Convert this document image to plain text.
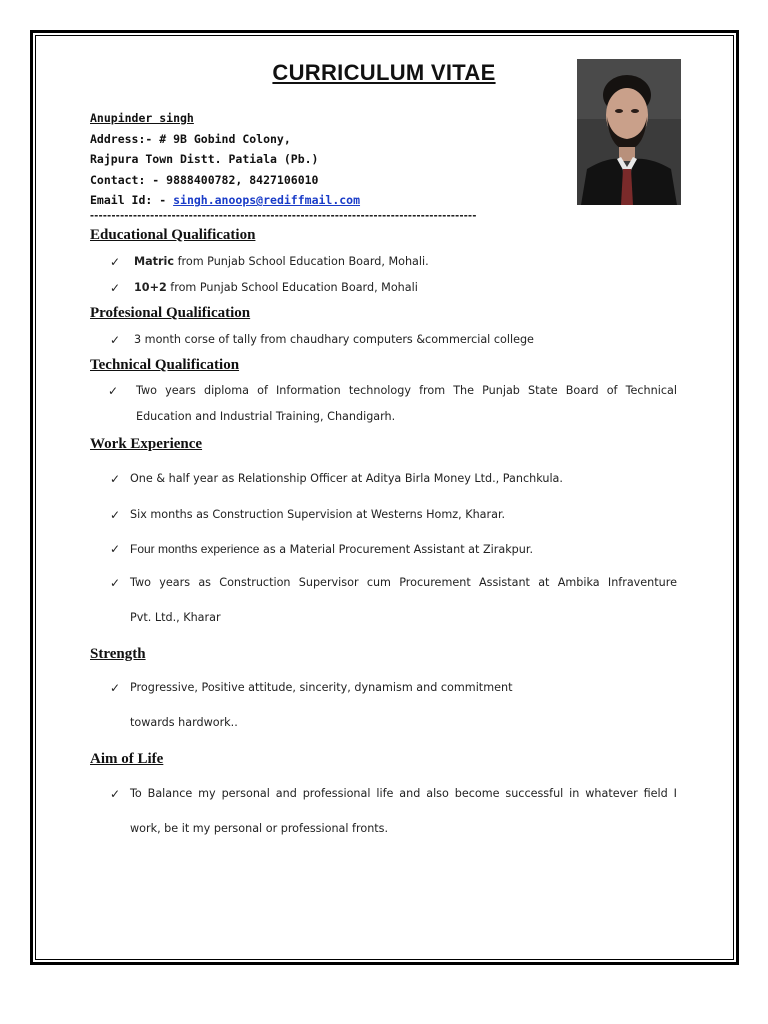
CURRICULUM VITAE
Anupinder singh
Address:- # 9B Gobind Colony,
Rajpura Town Distt. Patiala (Pb.)
Contact: - 9888400782, 8427106010
Email Id: - singh.anoops@rediffmail.com
------------------------------------------------------------------------------------------
Educational Qualification
✓ Matric from Punjab School Education Board, Mohali.
✓ 10+2 from Punjab School Education Board, Mohali
Profesional Qualification
✓ 3 month corse of tally from chaudhary computers &commercial college
Technical Qualification
✓ Two years diploma of Information technology from The Punjab State Board of Technical
Education and Industrial Training, Chandigarh.
Work Experience
✓ One & half year as Relationship Officer at Aditya Birla Money Ltd., Panchkula.
✓ Six months as Construction Supervision at Westerns Homz, Kharar.
✓ Four months experience as a Material Procurement Assistant at Zirakpur.
✓ Two years as Construction Supervisor cum Procurement Assistant at Ambika Infraventure
Pvt. Ltd., Kharar
Strength
✓ Progressive, Positive attitude, sincerity, dynamism and commitment
towards hardwork..
Aim of Life
✓ To Balance my personal and professional life and also become successful in whatever field I
work, be it my personal or professional fronts.
